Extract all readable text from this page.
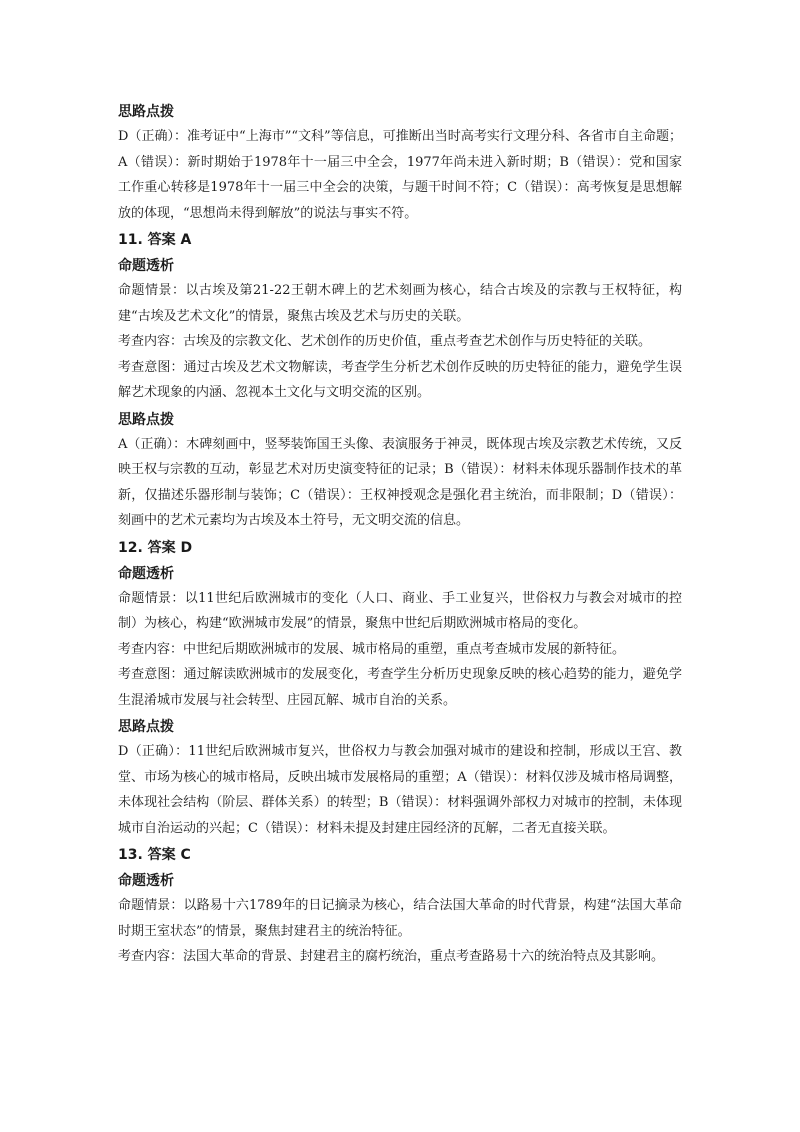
思路点拨
D（正确）：准考证中“上海市”“文科”等信息，可推断出当时高考实行文理分科、各省市自主命题；A（错误）：新时期始于1978年十一届三中全会，1977年尚未进入新时期；B（错误）：党和国家工作重心转移是1978年十一届三中全会的决策，与题干时间不符；C（错误）：高考恢复是思想解放的体现，“思想尚未得到解放”的说法与事实不符。
11. 答案 A
命题透析
命题情景：以古埃及第21-22王朝木碑上的艺术刻画为核心，结合古埃及的宗教与王权特征，构建“古埃及艺术文化”的情景，聚焦古埃及艺术与历史的关联。
考查内容：古埃及的宗教文化、艺术创作的历史价值，重点考查艺术创作与历史特征的关联。
考查意图：通过古埃及艺术文物解读，考查学生分析艺术创作反映的历史特征的能力，避免学生误解艺术现象的内涵、忽视本土文化与文明交流的区别。
思路点拨
A（正确）：木碑刻画中，竖琴装饰国王头像、表演服务于神灵，既体现古埃及宗教艺术传统，又反映王权与宗教的互动，彰显艺术对历史演变特征的记录；B（错误）：材料未体现乐器制作技术的革新，仅描述乐器形制与装饰；C（错误）：王权神授观念是强化君主统治，而非限制；D（错误）：刻画中的艺术元素均为古埃及本土符号，无文明交流的信息。
12. 答案 D
命题透析
命题情景：以11世纪后欧洲城市的变化（人口、商业、手工业复兴，世俗权力与教会对城市的控制）为核心，构建“欧洲城市发展”的情景，聚焦中世纪后期欧洲城市格局的变化。
考查内容：中世纪后期欧洲城市的发展、城市格局的重塑，重点考查城市发展的新特征。
考查意图：通过解读欧洲城市的发展变化，考查学生分析历史现象反映的核心趋势的能力，避免学生混淆城市发展与社会转型、庄园瓦解、城市自治的关系。
思路点拨
D（正确）：11世纪后欧洲城市复兴，世俗权力与教会加强对城市的建设和控制，形成以王宫、教堂、市场为核心的城市格局，反映出城市发展格局的重塑；A（错误）：材料仅涉及城市格局调整，未体现社会结构（阶层、群体关系）的转型；B（错误）：材料强调外部权力对城市的控制，未体现城市自治运动的兴起；C（错误）：材料未提及封建庄园经济的瓦解，二者无直接关联。
13. 答案 C
命题透析
命题情景：以路易十六1789年的日记摘录为核心，结合法国大革命的时代背景，构建“法国大革命时期王室状态”的情景，聚焦封建君主的统治特征。
考查内容：法国大革命的背景、封建君主的腐朽统治，重点考查路易十六的统治特点及其影响。
